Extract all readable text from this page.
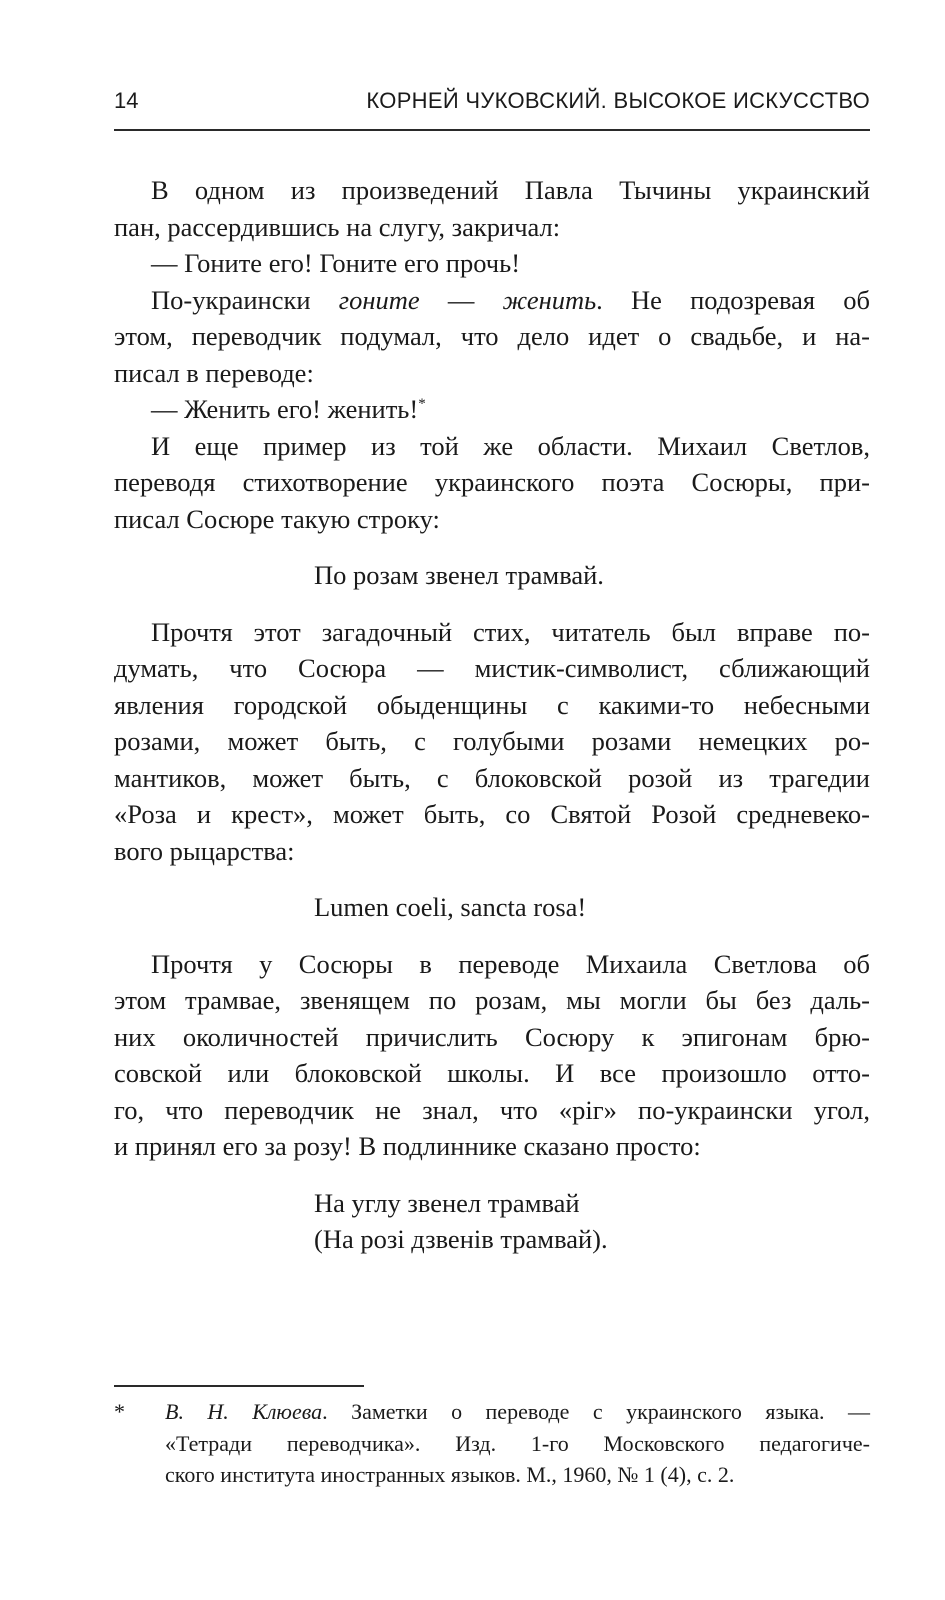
14	КОРНЕЙ ЧУКОВСКИЙ. ВЫСОКОЕ ИСКУССТВО
В одном из произведений Павла Тычины украинский
пан, рассердившись на слугу, закричал:
— Гоните его! Гоните его прочь!
По-украински гоните — женить. Не подозревая об
этом, переводчик подумал, что дело идет о свадьбе, и на-
писал в переводе:
— Женить его! женить!*
И еще пример из той же области. Михаил Светлов,
переводя стихотворение украинского поэта Сосюры, при-
писал Сосюре такую строку:
По розам звенел трамвай.
Прочтя этот загадочный стих, читатель был вправе по-
думать, что Сосюра — мистик-символист, сближающий
явления городской обыденщины с какими-то небесными
розами, может быть, с голубыми розами немецких ро-
мантиков, может быть, с блоковской розой из трагедии
«Роза и крест», может быть, со Святой Розой средневеко-
вого рыцарства:
Lumen coeli, sancta rosa!
Прочтя у Сосюры в переводе Михаила Светлова об
этом трамвае, звенящем по розам, мы могли бы без даль-
них околичностей причислить Сосюру к эпигонам брю-
совской или блоковской школы. И все произошло отто-
го, что переводчик не знал, что «ріг» по-украински угол,
и принял его за розу! В подлиннике сказано просто:
На углу звенел трамвай
(На розі дзвенів трамвай).
* В. Н. Клюева. Заметки о переводе с украинского языка. —
«Тетради переводчика». Изд. 1-го Московского педагогиче-
ского института иностранных языков. М., 1960, № 1 (4), с. 2.
